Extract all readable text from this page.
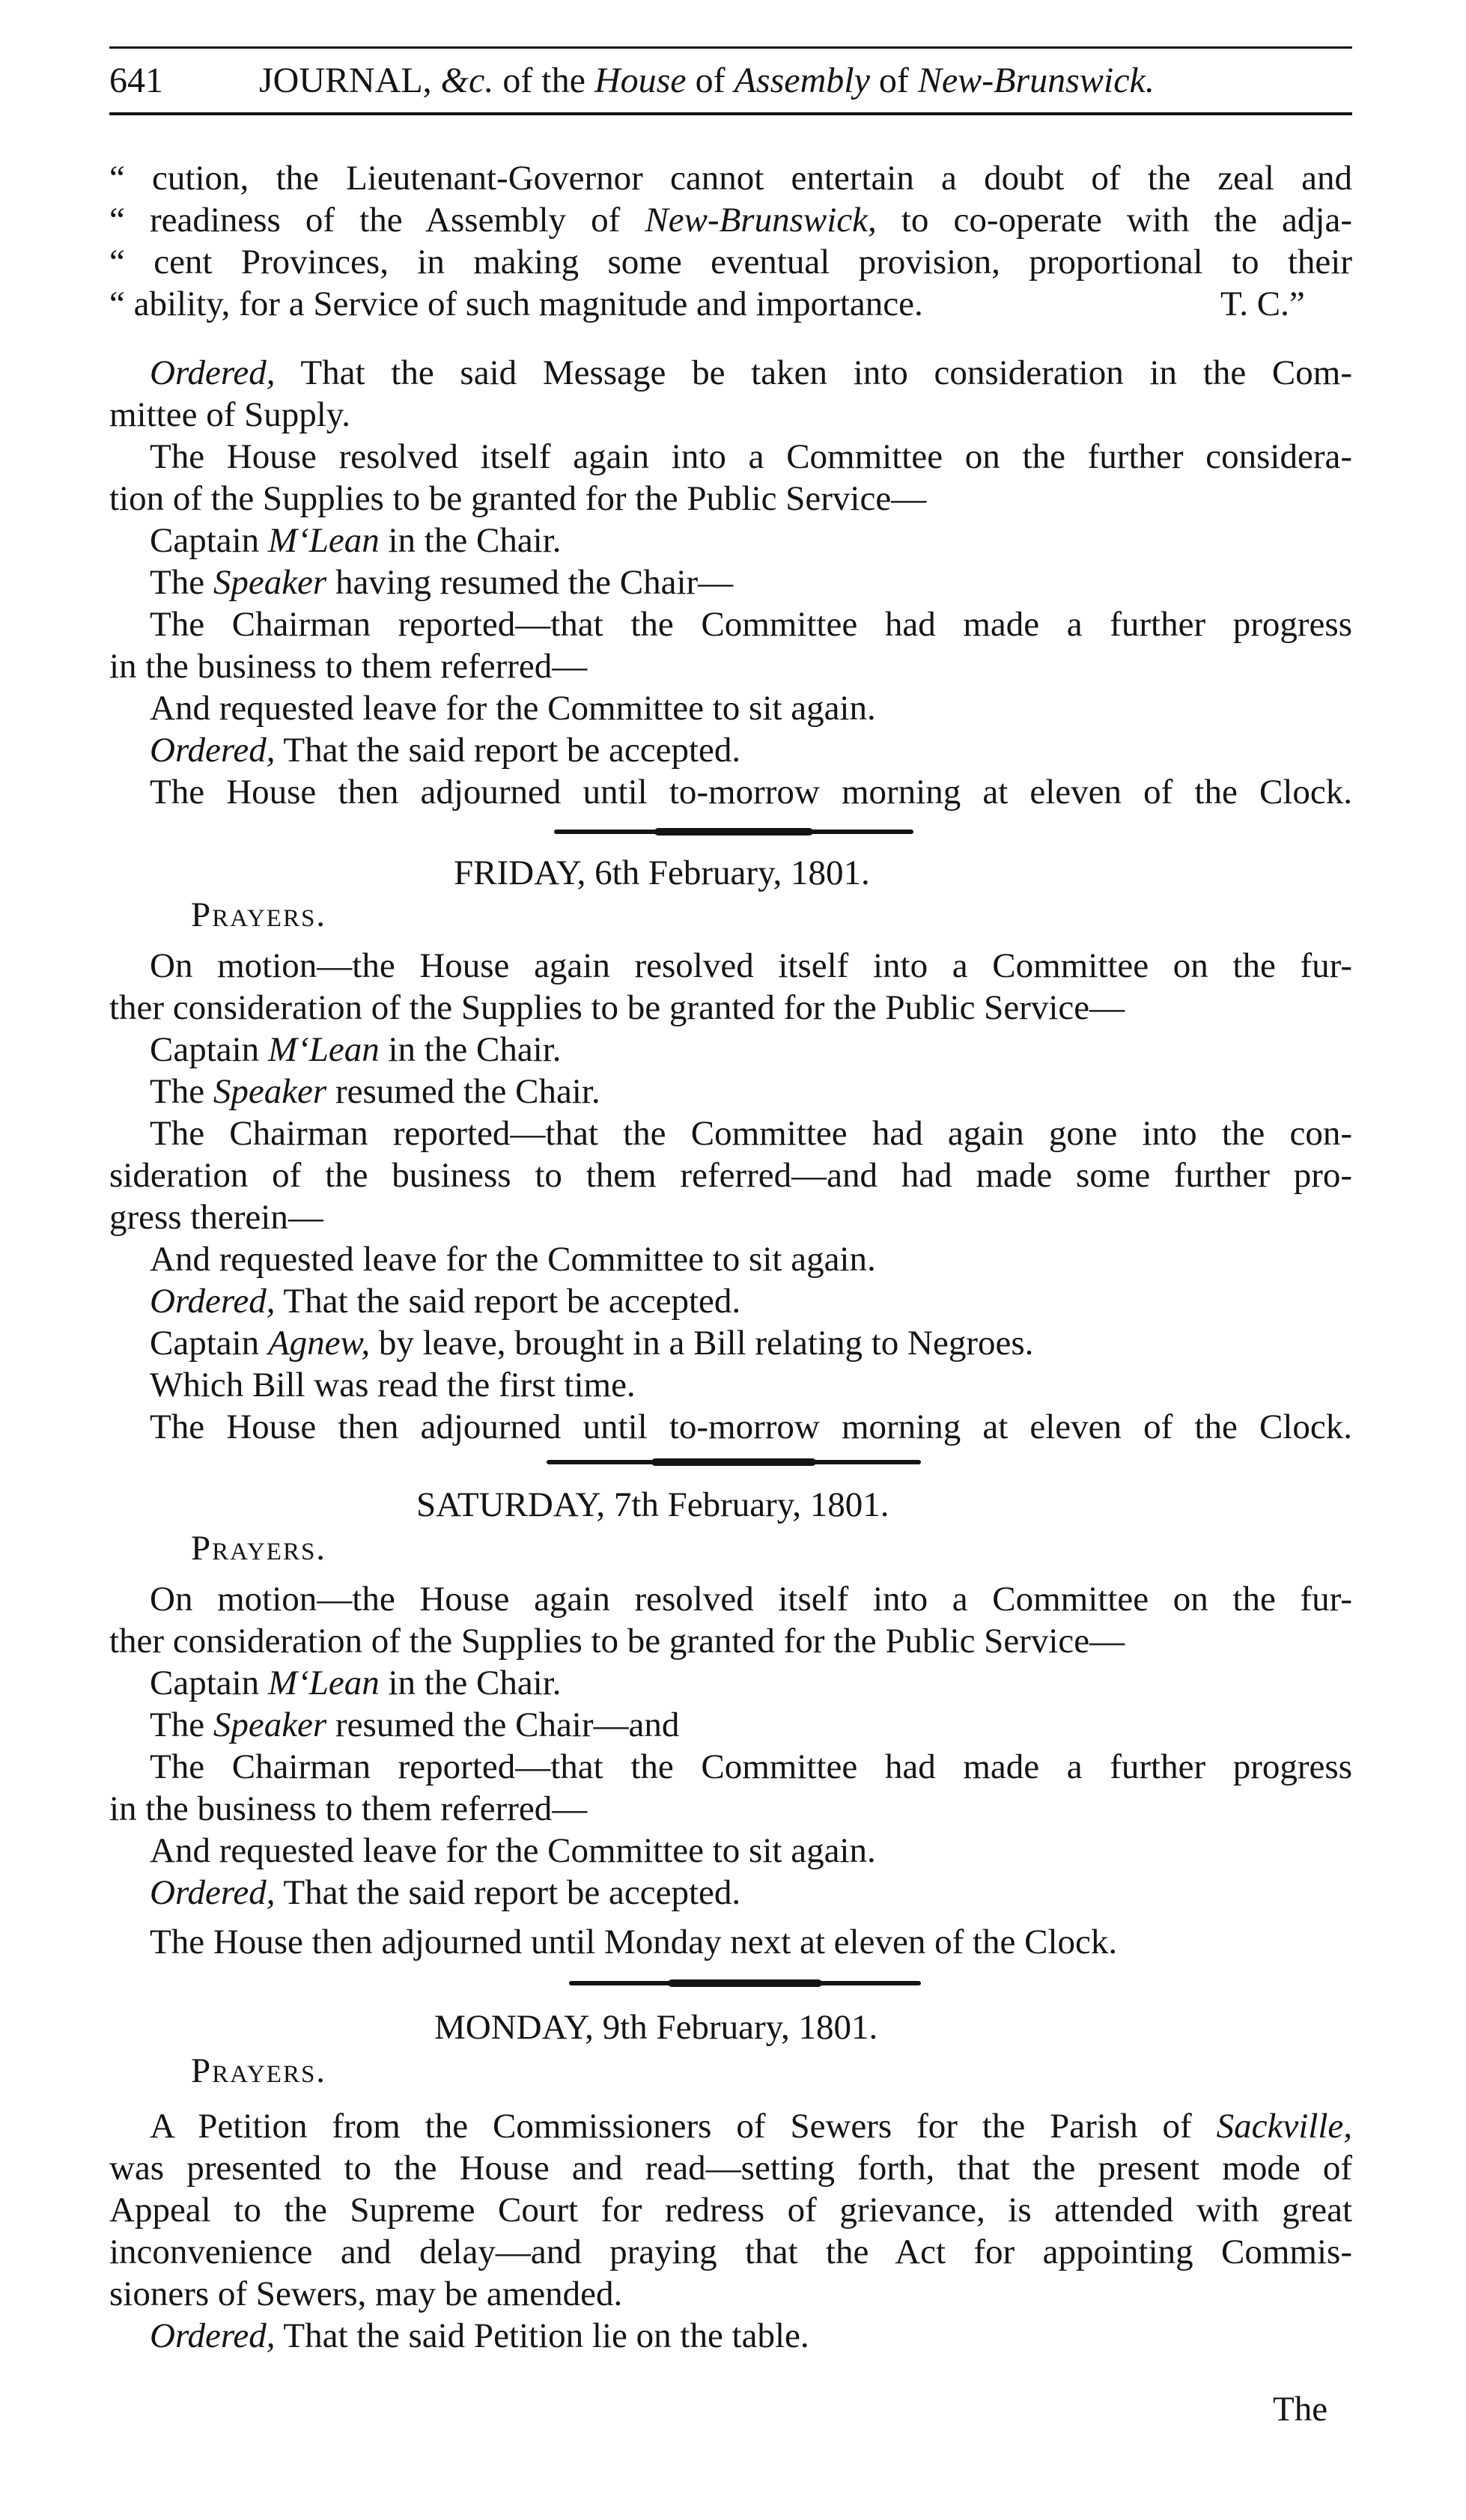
641	JOURNAL, &c. of the House of Assembly of New-Brunswick.
“ cution, the Lieutenant-Governor cannot entertain a doubt of the zeal and
“ readiness of the Assembly of New-Brunswick, to co-operate with the adja-
“ cent Provinces, in making some eventual provision, proportional to their
“ ability, for a Service of such magnitude and importance.	T. C.”
Ordered, That the said Message be taken into consideration in the Com-
mittee of Supply.
The House resolved itself again into a Committee on the further considera-
tion of the Supplies to be granted for the Public Service—
Captain M‘Lean in the Chair.
The Speaker having resumed the Chair—
The Chairman reported—that the Committee had made a further progress
in the business to them referred—
And requested leave for the Committee to sit again.
Ordered, That the said report be accepted.
The House then adjourned until to-morrow morning at eleven of the Clock.
FRIDAY, 6th February, 1801.
Prayers.
On motion—the House again resolved itself into a Committee on the fur-
ther consideration of the Supplies to be granted for the Public Service—
Captain M‘Lean in the Chair.
The Speaker resumed the Chair.
The Chairman reported—that the Committee had again gone into the con-
sideration of the business to them referred—and had made some further pro-
gress therein—
And requested leave for the Committee to sit again.
Ordered, That the said report be accepted.
Captain Agnew, by leave, brought in a Bill relating to Negroes.
Which Bill was read the first time.
The House then adjourned until to-morrow morning at eleven of the Clock.
SATURDAY, 7th February, 1801.
Prayers.
On motion—the House again resolved itself into a Committee on the fur-
ther consideration of the Supplies to be granted for the Public Service—
Captain M‘Lean in the Chair.
The Speaker resumed the Chair—and
The Chairman reported—that the Committee had made a further progress
in the business to them referred—
And requested leave for the Committee to sit again.
Ordered, That the said report be accepted.
The House then adjourned until Monday next at eleven of the Clock.
MONDAY, 9th February, 1801.
Prayers.
A Petition from the Commissioners of Sewers for the Parish of Sackville,
was presented to the House and read—setting forth, that the present mode of
Appeal to the Supreme Court for redress of grievance, is attended with great
inconvenience and delay—and praying that the Act for appointing Commis-
sioners of Sewers, may be amended.
Ordered, That the said Petition lie on the table.
The
